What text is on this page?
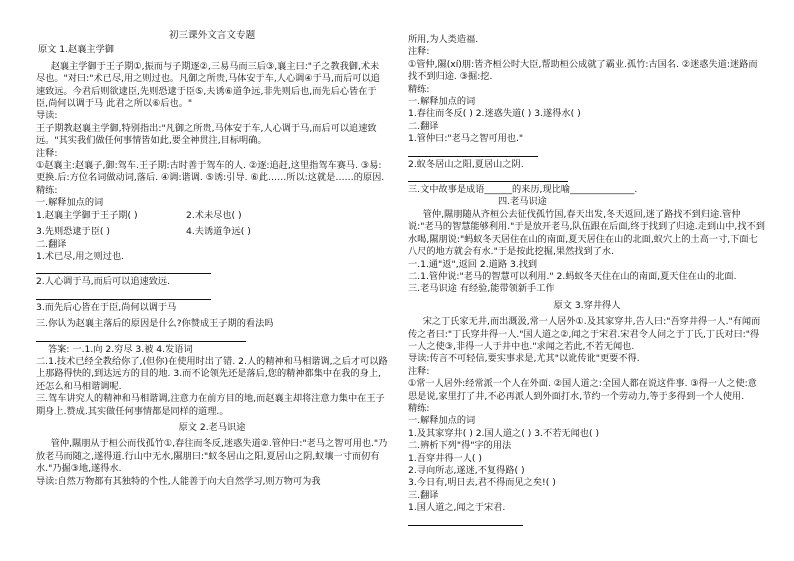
初三课外文言文专题

原文 1.赵襄主学御

赵襄主学御于王子期①,振而与子期逐②,三易马而三后③,襄主曰:"子之教我御,术未尽也。"对曰:"术已尽,用之则过也。凡御之所贵,马体安于车,人心调④于马,而后可以追速致远。今君后则欲逮臣,先则恐逮于臣⑤,夫诱⑥道争远,非先则后也,而先后心皆在于臣,尚何以调于马 此君之所以⑥后也。"

导读:

王子期教赵襄主学御,特别指出:"凡御之所贵,马体安于车,人心调于马,而后可以追速致远。"其实我们做任何事情皆如此,要全神贯注,目标明确。

注释:

①赵襄主:赵襄子,御:驾车.王子期:古时善于驾车的人. ②逐:追赶,这里指驾车赛马. ③易:更换.后:方位名词做动词,落后. ④调:谐调. ⑤诱:引导. ⑥此……所以:这就是……的原因.

精练:

一.解释加点的词

1.赵襄主学御于王子期( )	2.术未尽也( )
3.先则恐逮于臣( )	4.夫诱道争远( )

二.翻译

1.术已尽,用之则过也.

2.人心调于马,而后可以追速致远.

3.而先后心皆在于臣,尚何以调于马

三.你认为赵襄主落后的原因是什么?你赞成王子期的看法吗

答案: 一.1.向 2.穷尽 3.被 4.发语词

二.1.技术已经全教给你了,(但你)在使用时出了错. 2.人的精神和马相谐调,之后才可以路上那路得快的,到达远方的目的地. 3.而不论领先还是落后,您的精神都集中在我的身上,还怎么和马相谐调呢.

三.驾车讲究人的精神和马相谐调,注意力在前方目的地,而赵襄主却将注意力集中在王子期身上.赞成.其实做任何事情都是同样的道理.。

原文 2.老马识途

管仲,隰朋从于桓公而伐孤竹①,春往而冬反,迷惑失道②.管仲曰:"老马之智可用也."乃放老马而随之,遂得道.行山中无水,隰朋曰:"蚁冬居山之阳,夏居山之阴,蚁壤一寸而仞有水."乃掘③地,遂得水.

导读:自然万物都有其独特的个性,人能善于向大自然学习,则万物可为我

所用,为人类造福.

注释:

①管仲,隰(xí)朋:皆齐桓公时大臣,帮助桓公成就了霸业.孤竹:古国名. ②迷惑失道:迷路而找不到归途. ③掘:挖.

精练:

一.解释加点的词

1.春往而冬反( ) 2.迷惑失道( ) 3.遂得水( )

二.翻译

1.管仲曰:"老马之智可用也."

2.蚁冬居山之阳,夏居山之阴.

三.文中故事是成语______的来历,现比喻______________.

四.老马识途

管仲,隰朋随从齐桓公去征伐孤竹国,春天出发,冬天返回,迷了路找不到归途.管仲说:"老马的智慧能够利用."于是放开老马,队伍跟在后面,终于找到了归途.走到山中,找不到水喝,隰朋说:"蚂蚁冬天居住在山的南面,夏天居住在山的北面,蚁穴上的土高一寸,下面七八尺的地方就会有水."于是按此挖掘,果然找到了水.

一.1.通"返",返回 2.道路 3.找到

二.1.管仲说:"老马的智慧可以利用." 2.蚂蚁冬天住在山的南面,夏天住在山的北面.

三.老马识途 有经验,能带领新手工作

原文 3.穿井得人

宋之丁氏家无井,而出溉汲,常一人居外①.及其家穿井,告人曰:"吾穿井得一人."有闻而传之者曰:"丁氏穿井得一人."国人道之②,闻之于宋君.宋君令人问之于丁氏,丁氏对曰:"得一人之使③,非得一人于井中也."求闻之若此,不若无闻也.

导读:传言不可轻信,要实事求是,尤其"以讹传讹"更要不得.

注释:

①常一人居外:经常派一个人在外面. ②国人道之:全国人都在说这件事. ③得一人之使:意思是说,家里打了井,不必再派人到外面打水,节约一个劳动力,等于多得到一个人使用.

精练:

一.解释加点的词

1.及其家穿井( ) 2.国人道之( ) 3.不若无闻也( )

二.辨析下列"得"字的用法

1.吾穿井得一人( )

2.寻向所志,遂迷,不复得路( )

3.今日有,明日去,君不得而见之矣!( )

三.翻译

1.国人道之,闻之于宋君.
